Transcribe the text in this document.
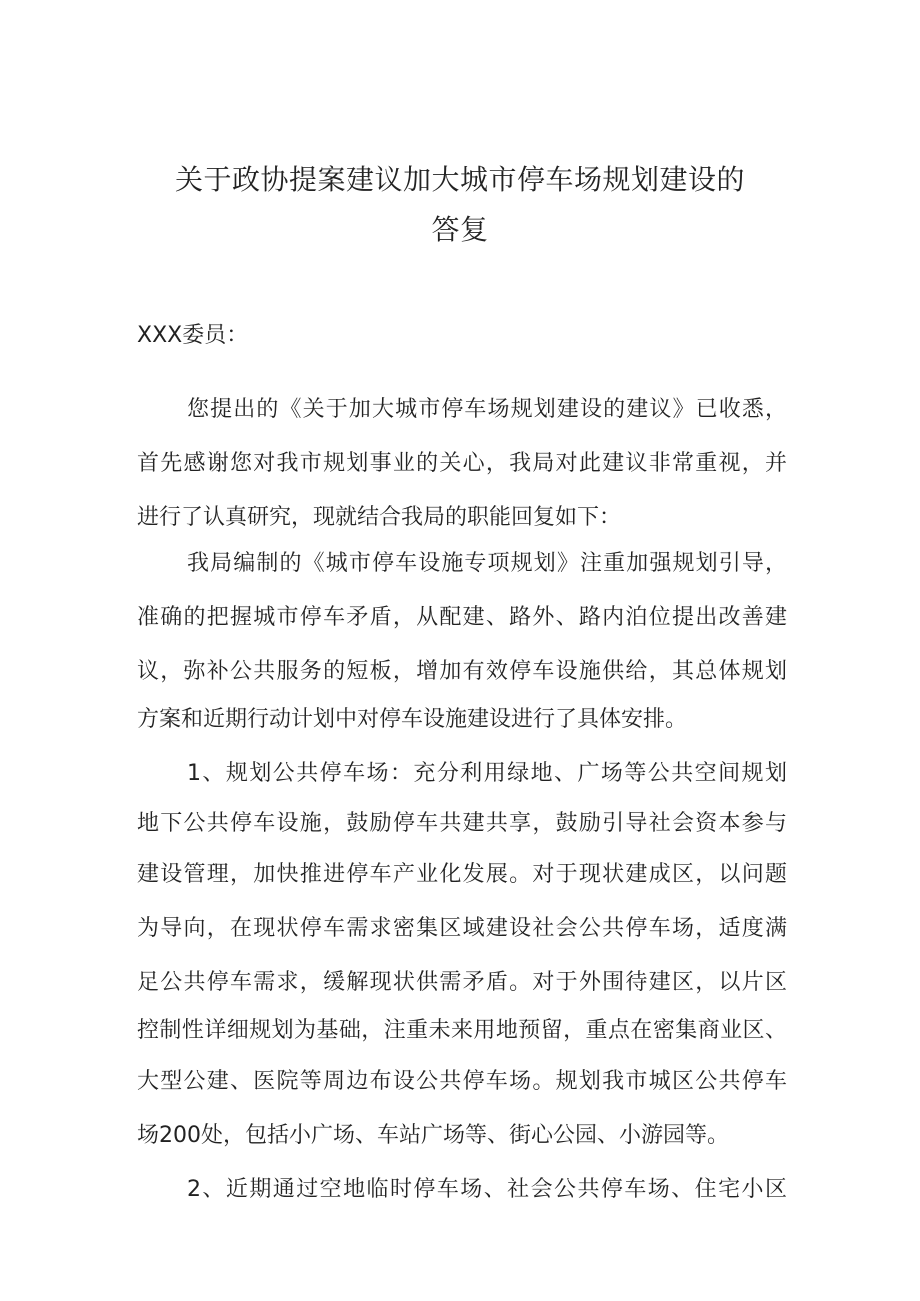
关于政协提案建议加大城市停车场规划建设的
答复
XXX委员：
您提出的《关于加大城市停车场规划建设的建议》已收悉，
首先感谢您对我市规划事业的关心，我局对此建议非常重视，并
进行了认真研究，现就结合我局的职能回复如下：
我局编制的《城市停车设施专项规划》注重加强规划引导，
准确的把握城市停车矛盾，从配建、路外、路内泊位提出改善建
议，弥补公共服务的短板，增加有效停车设施供给，其总体规划
方案和近期行动计划中对停车设施建设进行了具体安排。
1、规划公共停车场：充分利用绿地、广场等公共空间规划
地下公共停车设施，鼓励停车共建共享，鼓励引导社会资本参与
建设管理，加快推进停车产业化发展。对于现状建成区，以问题
为导向，在现状停车需求密集区域建设社会公共停车场，适度满
足公共停车需求，缓解现状供需矛盾。对于外围待建区，以片区
控制性详细规划为基础，注重未来用地预留，重点在密集商业区、
大型公建、医院等周边布设公共停车场。规划我市城区公共停车
场200处，包括小广场、车站广场等、街心公园、小游园等。
2、近期通过空地临时停车场、社会公共停车场、住宅小区
